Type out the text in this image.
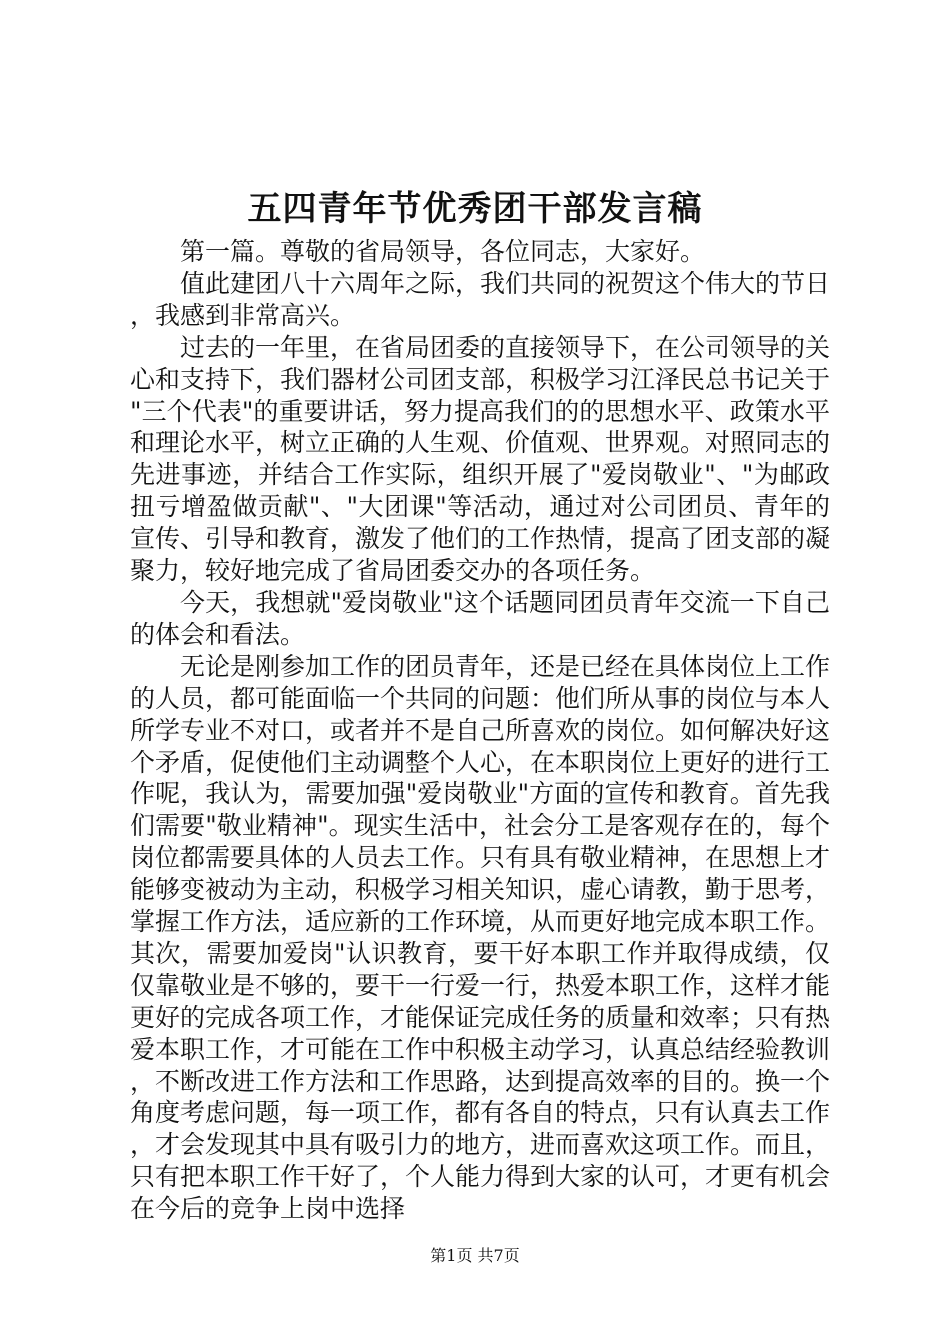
五四青年节优秀团干部发言稿

第一篇。尊敬的省局领导，各位同志，大家好。

值此建团八十六周年之际，我们共同的祝贺这个伟大的节日，我感到非常高兴。

过去的一年里，在省局团委的直接领导下，在公司领导的关心和支持下，我们器材公司团支部，积极学习江泽民总书记关于"三个代表"的重要讲话，努力提高我们的的思想水平、政策水平和理论水平，树立正确的人生观、价值观、世界观。对照同志的先进事迹，并结合工作实际，组织开展了"爱岗敬业"、"为邮政扭亏增盈做贡献"、"大团课"等活动，通过对公司团员、青年的宣传、引导和教育，激发了他们的工作热情，提高了团支部的凝聚力，较好地完成了省局团委交办的各项任务。

今天，我想就"爱岗敬业"这个话题同团员青年交流一下自己的体会和看法。

无论是刚参加工作的团员青年，还是已经在具体岗位上工作的人员，都可能面临一个共同的问题：他们所从事的岗位与本人所学专业不对口，或者并不是自己所喜欢的岗位。如何解决好这个矛盾，促使他们主动调整个人心，在本职岗位上更好的进行工作呢，我认为，需要加强"爱岗敬业"方面的宣传和教育。首先我们需要"敬业精神"。现实生活中，社会分工是客观存在的，每个岗位都需要具体的人员去工作。只有具有敬业精神，在思想上才能够变被动为主动，积极学习相关知识，虚心请教，勤于思考，掌握工作方法，适应新的工作环境，从而更好地完成本职工作。其次，需要加爱岗"认识教育，要干好本职工作并取得成绩，仅仅靠敬业是不够的，要干一行爱一行，热爱本职工作，这样才能更好的完成各项工作，才能保证完成任务的质量和效率；只有热爱本职工作，才可能在工作中积极主动学习，认真总结经验教训，不断改进工作方法和工作思路，达到提高效率的目的。换一个角度考虑问题，每一项工作，都有各自的特点，只有认真去工作，才会发现其中具有吸引力的地方，进而喜欢这项工作。而且，只有把本职工作干好了，个人能力得到大家的认可，才更有机会在今后的竞争上岗中选择

第1页 共7页
